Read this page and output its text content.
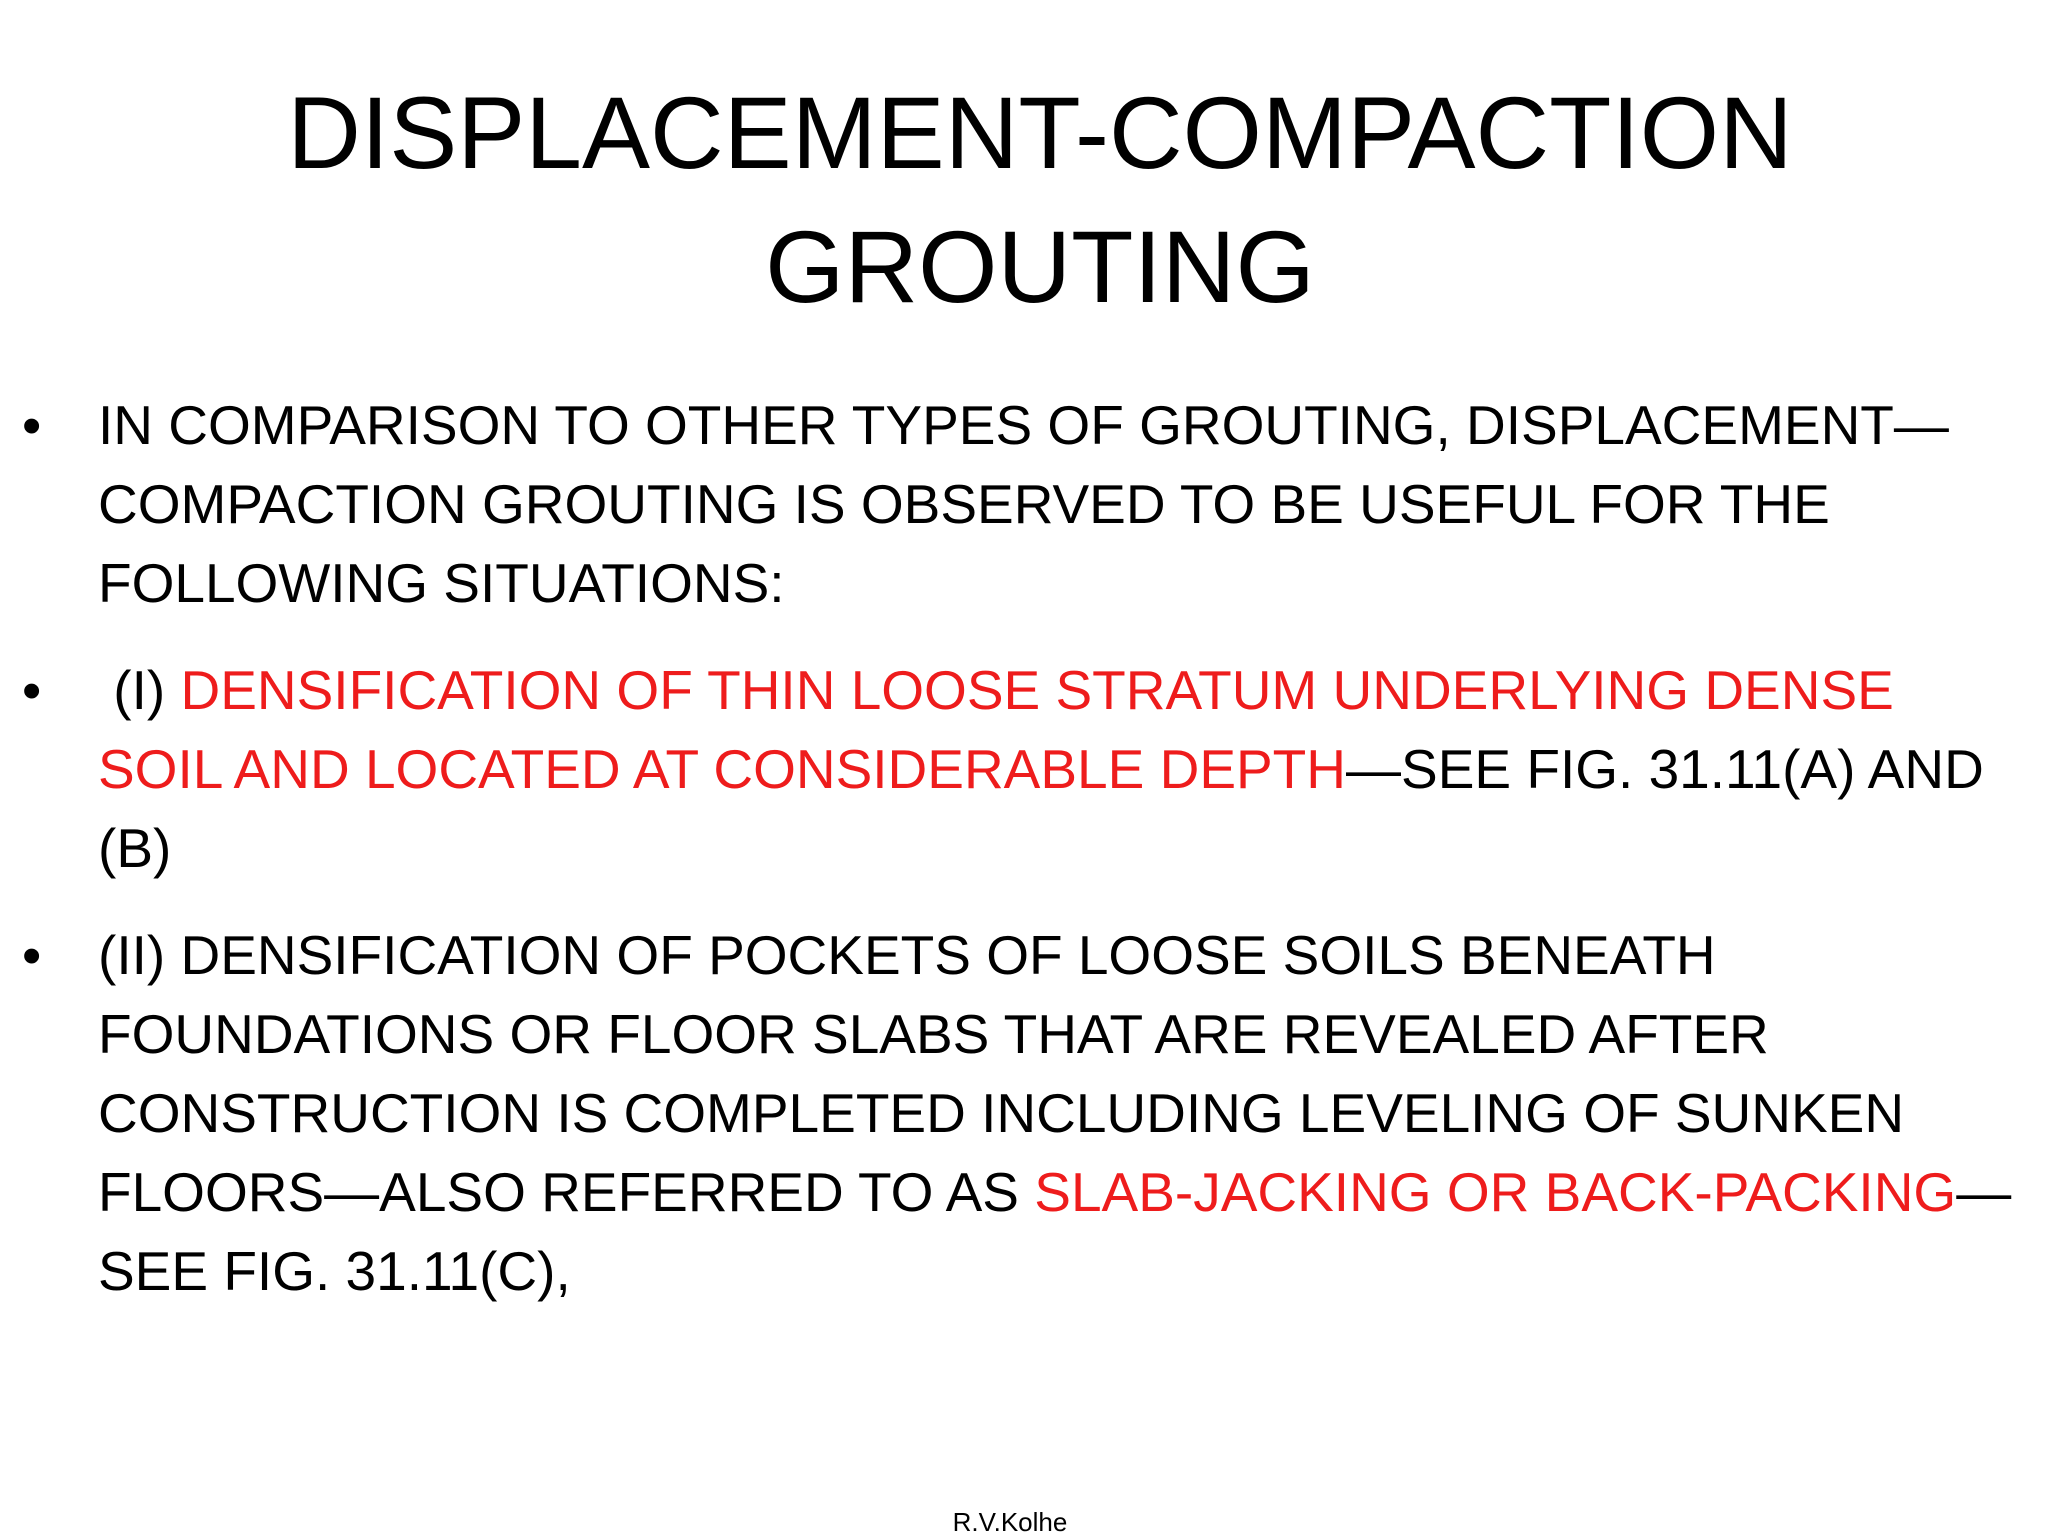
DISPLACEMENT-COMPACTION
GROUTING
• IN COMPARISON TO OTHER TYPES OF GROUTING, DISPLACEMENT— COMPACTION GROUTING IS OBSERVED TO BE USEFUL FOR THE FOLLOWING SITUATIONS:
• (I) DENSIFICATION OF THIN LOOSE STRATUM UNDERLYING DENSE SOIL AND LOCATED AT CONSIDERABLE DEPTH—SEE FIG. 31.11(A) AND (B)
• (II) DENSIFICATION OF POCKETS OF LOOSE SOILS BENEATH FOUNDATIONS OR FLOOR SLABS THAT ARE REVEALED AFTER CONSTRUCTION IS COMPLETED INCLUDING LEVELING OF SUNKEN FLOORS—ALSO REFERRED TO AS SLAB-JACKING OR BACK-PACKING— SEE FIG. 31.11(C),
R.V.Kolhe
